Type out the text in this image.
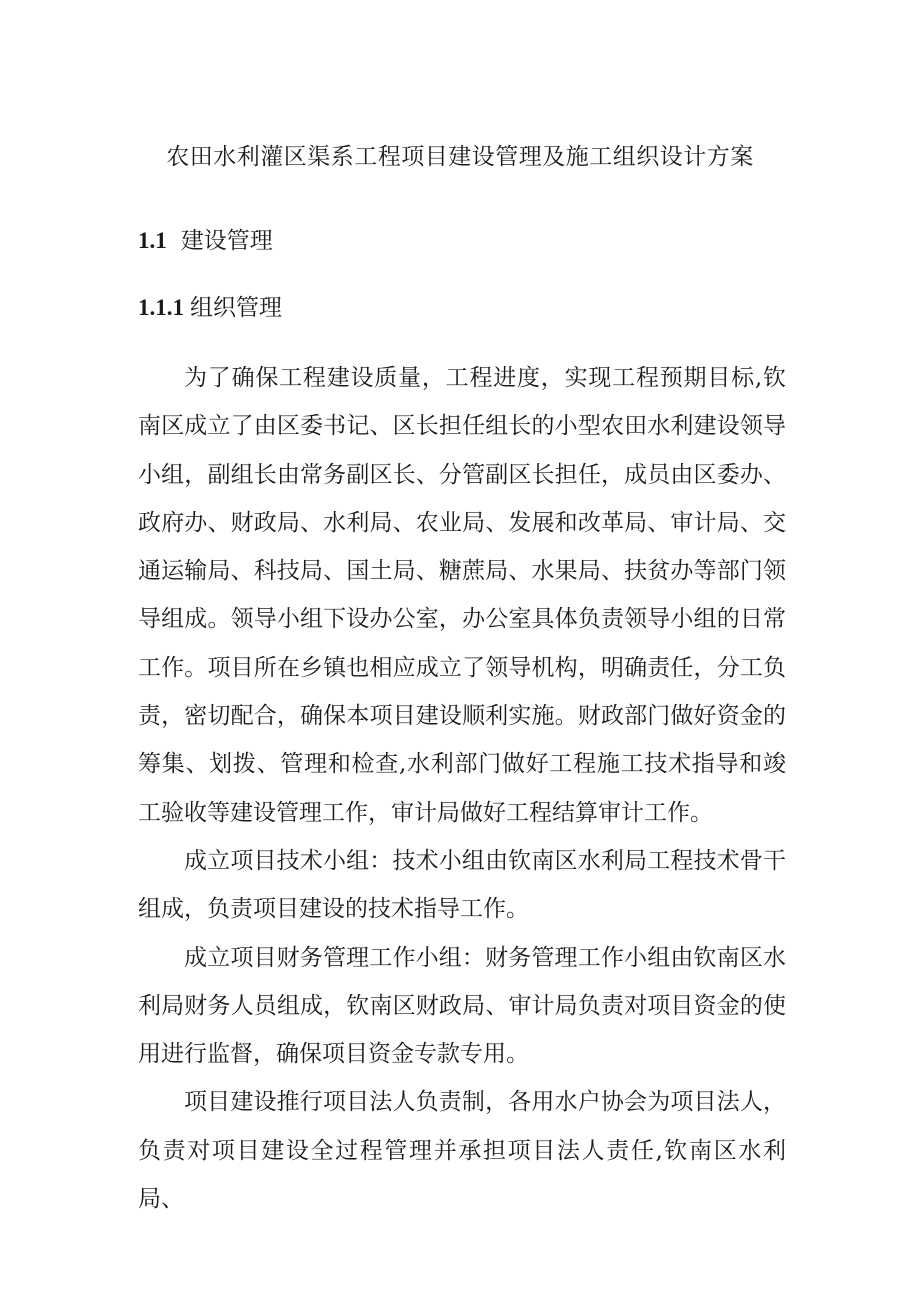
农田水利灌区渠系工程项目建设管理及施工组织设计方案
1.1 建设管理
1.1.1 组织管理

为了确保工程建设质量，工程进度，实现工程预期目标,钦南区成立了由区委书记、区长担任组长的小型农田水利建设领导小组，副组长由常务副区长、分管副区长担任，成员由区委办、政府办、财政局、水利局、农业局、发展和改革局、审计局、交通运输局、科技局、国土局、糖蔗局、水果局、扶贫办等部门领导组成。领导小组下设办公室，办公室具体负责领导小组的日常工作。项目所在乡镇也相应成立了领导机构，明确责任，分工负责，密切配合，确保本项目建设顺利实施。财政部门做好资金的筹集、划拨、管理和检查,水利部门做好工程施工技术指导和竣工验收等建设管理工作，审计局做好工程结算审计工作。

成立项目技术小组：技术小组由钦南区水利局工程技术骨干组成，负责项目建设的技术指导工作。

成立项目财务管理工作小组：财务管理工作小组由钦南区水利局财务人员组成，钦南区财政局、审计局负责对项目资金的使用进行监督，确保项目资金专款专用。

项目建设推行项目法人负责制，各用水户协会为项目法人，负责对项目建设全过程管理并承担项目法人责任,钦南区水利局、
